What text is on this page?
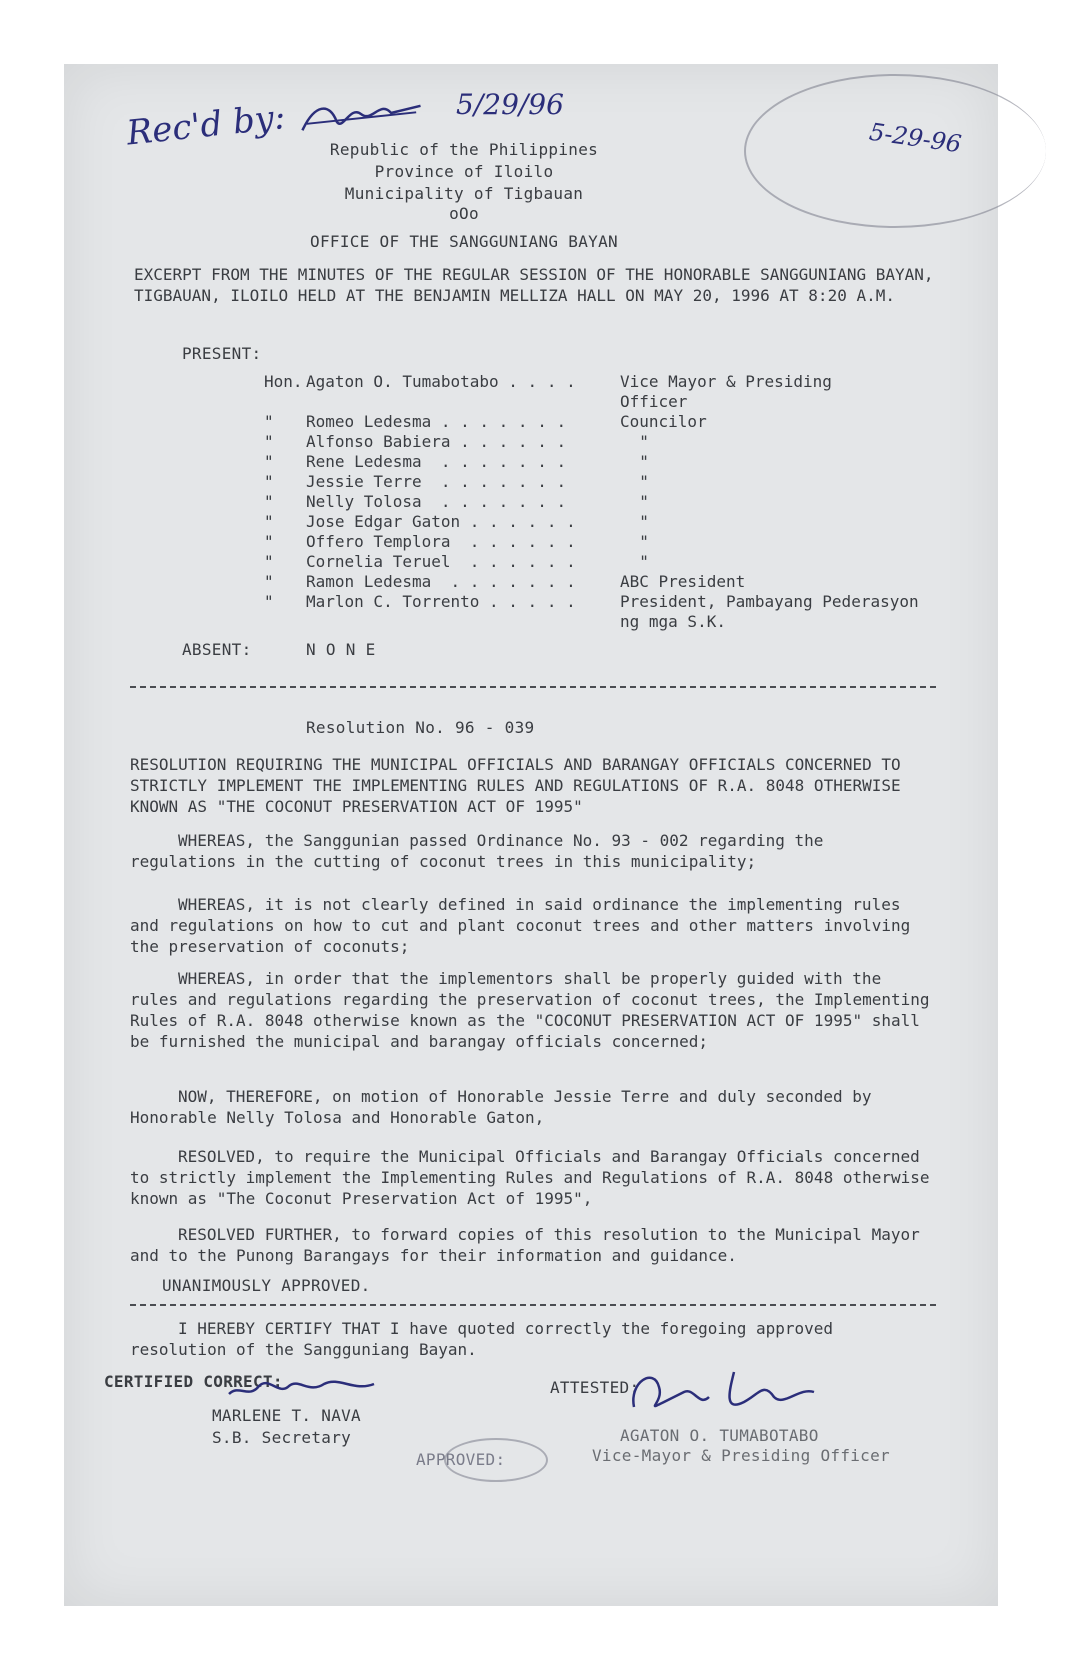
Rec'd by:	5/29/96
5-29-96
Republic of the Philippines
Province of Iloilo
Municipality of Tigbauan
oOo
OFFICE OF THE SANGGUNIANG BAYAN
EXCERPT FROM THE MINUTES OF THE REGULAR SESSION OF THE HONORABLE SANGGUNIANG BAYAN, TIGBAUAN, ILOILO HELD AT THE BENJAMIN MELLIZA HALL ON MAY 20, 1996 AT 8:20 A.M.
PRESENT:
Hon. Agaton O. Tumabotabo . . . .	Vice Mayor & Presiding
Officer
" Romeo Ledesma . . . . . . .	Councilor
" Alfonso Babiera . . . . . .	"
" Rene Ledesma  . . . . . . .	"
" Jessie Terre  . . . . . . .	"
" Nelly Tolosa  . . . . . . .	"
" Jose Edgar Gaton . . . . . .	"
" Offero Templora  . . . . . .	"
" Cornelia Teruel  . . . . . .	"
" Ramon Ledesma  . . . . . . .	ABC President
" Marlon C. Torrento . . . . .	President, Pambayang Pederasyon
ng mga S.K.
ABSENT:	N O N E
Resolution No. 96 - 039
RESOLUTION REQUIRING THE MUNICIPAL OFFICIALS AND BARANGAY OFFICIALS CONCERNED TO STRICTLY IMPLEMENT THE IMPLEMENTING RULES AND REGULATIONS OF R.A. 8048 OTHERWISE KNOWN AS "THE COCONUT PRESERVATION ACT OF 1995"
WHEREAS, the Sanggunian passed Ordinance No. 93 - 002 regarding the regulations in the cutting of coconut trees in this municipality;
WHEREAS, it is not clearly defined in said ordinance the implementing rules and regulations on how to cut and plant coconut trees and other matters involving the preservation of coconuts;
WHEREAS, in order that the implementors shall be properly guided with the rules and regulations regarding the preservation of coconut trees, the Implementing Rules of R.A. 8048 otherwise known as the "COCONUT PRESERVATION ACT OF 1995" shall be furnished the municipal and barangay officials concerned;
NOW, THEREFORE, on motion of Honorable Jessie Terre and duly seconded by Honorable Nelly Tolosa and Honorable Gaton,
RESOLVED, to require the Municipal Officials and Barangay Officials concerned to strictly implement the Implementing Rules and Regulations of R.A. 8048 otherwise known as "The Coconut Preservation Act of 1995",
RESOLVED FURTHER, to forward copies of this resolution to the Municipal Mayor and to the Punong Barangays for their information and guidance.
UNANIMOUSLY APPROVED.
I HEREBY CERTIFY THAT I have quoted correctly the foregoing approved resolution of the Sangguniang Bayan.
CERTIFIED CORRECT:
MARLENE T. NAVA
S.B. Secretary
ATTESTED:
AGATON O. TUMABOTABO
Vice-Mayor & Presiding Officer
APPROVED:
